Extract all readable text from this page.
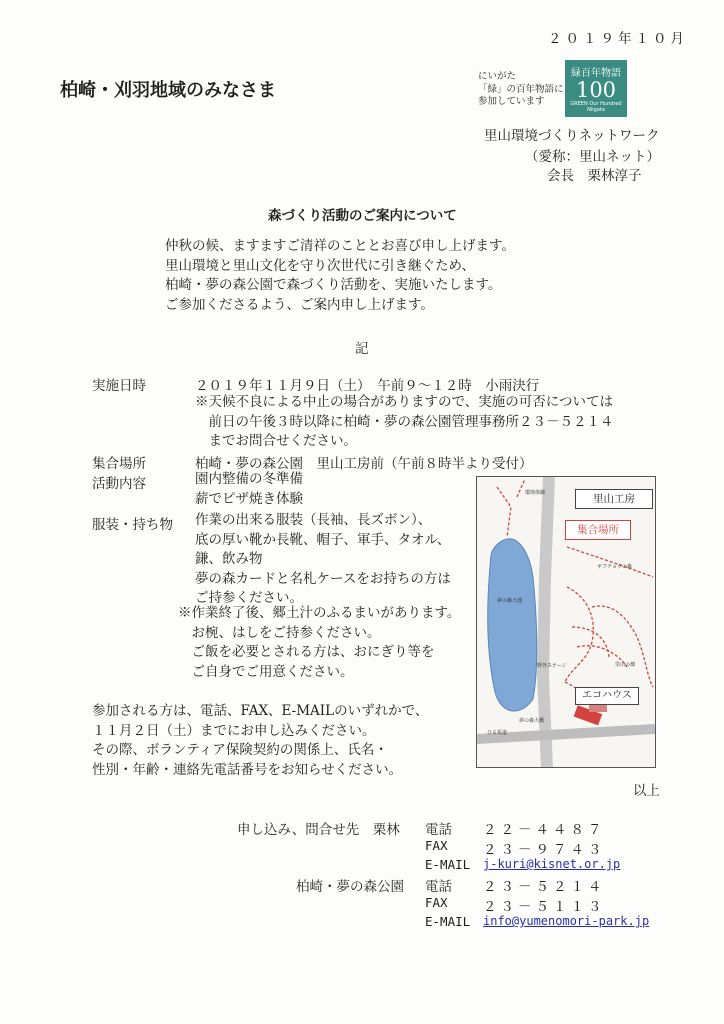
２０１９年１０月
柏崎・刈羽地域のみなさま
にいがた
「緑」の百年物語に
参加しています
緑百年物語
100
GREEN Our Hundred
Niigata
里山環境づくりネットワーク
（愛称：里山ネット）
会長　栗林淳子
森づくり活動のご案内について
仲秋の候、ますますご清祥のこととお喜び申し上げます。
里山環境と里山文化を守り次世代に引き継ぐため、
柏崎・夢の森公園で森づくり活動を、実施いたします。
ご参加くださるよう、ご案内申し上げます。
記
実施日時	２０１９年１１月９日（土）　午前９～１２時　小雨決行
※天候不良による中止の場合がありますので、実施の可否については
　前日の午後３時以降に柏崎・夢の森公園管理事務所２３－５２１４
　までお問合せください。
集合場所	柏崎・夢の森公園　里山工房前（午前８時半より受付）
活動内容	園内整備の冬準備
薪でピザ焼き体験
服装・持ち物 作業の出来る服装（長袖、長ズボン）、
底の厚い靴か長靴、帽子、軍手、タオル、
鎌、飲み物
夢の森カードと名札ケースをお持ちの方は
ご持参ください。
※作業終了後、郷土汁のふるまいがあります。
　お椀、はしをご持参ください。
　ご飯を必要とされる方は、おにぎり等を
　ご自身でご用意ください。
参加される方は、電話、FAX、E-MAILのいずれかで、
１１月２日（土）までにお申し込みください。
その際、ボランティア保険契約の関係上、氏名・
性別・年齢・連絡先電話番号をお知らせください。
里山工房
集合場所
エコハウス
環境体験
夢の森大池
ギフチョウの森
野外ステージ	里山の畑
夢の森大橋
ひる坂道
以上
申し込み、問合せ先　栗林 電話 ２２－４４８７
FAX	２３－９７４３
E-MAIL j-kuri@kisnet.or.jp
柏崎・夢の森公園 電話 ２３－５２１４
FAX	２３－５１１３
E-MAIL info@yumenomori-park.jp
